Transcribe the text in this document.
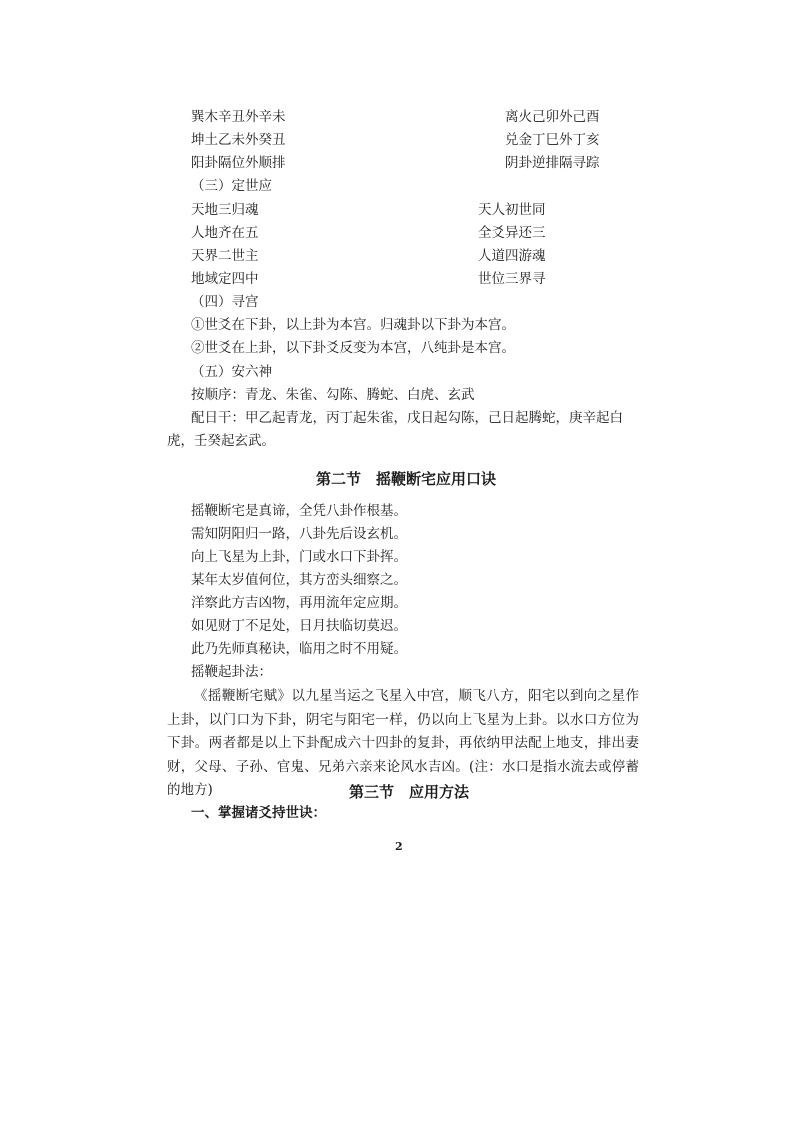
巽木辛丑外辛未	离火己卯外己酉
坤土乙未外癸丑	兑金丁巳外丁亥
阳卦隔位外顺排	阴卦逆排隔寻踪
（三）定世应
天地三归魂	天人初世同
人地齐在五	全爻异还三
天界二世主	人道四游魂
地域定四中	世位三界寻
（四）寻宫
①世爻在下卦，以上卦为本宫。归魂卦以下卦为本宫。
②世爻在上卦，以下卦爻反变为本宫，八纯卦是本宫。
（五）安六神
按顺序：青龙、朱雀、勾陈、腾蛇、白虎、玄武
配日干：甲乙起青龙，丙丁起朱雀，戊日起勾陈，己日起腾蛇，庚辛起白
虎，壬癸起玄武。
第二节　摇鞭断宅应用口诀
摇鞭断宅是真谛，全凭八卦作根基。
需知阴阳归一路，八卦先后设玄机。
向上飞星为上卦，门或水口下卦挥。
某年太岁值何位，其方峦头细察之。
洋察此方吉凶物，再用流年定应期。
如见财丁不足处，日月扶临切莫迟。
此乃先师真秘诀，临用之时不用疑。
摇鞭起卦法：

《摇鞭断宅赋》以九星当运之飞星入中宫，顺飞八方，阳宅以到向之星作上卦，以门口为下卦，阴宅与阳宅一样，仍以向上飞星为上卦。以水口方位为下卦。两者都是以上下卦配成六十四卦的复卦，再依纳甲法配上地支，排出妻财，父母、子孙、官鬼、兄弟六亲来论风水吉凶。(注：水口是指水流去或停蓄的地方)	第三节　应用方法
一、掌握诸爻持世诀：
2
